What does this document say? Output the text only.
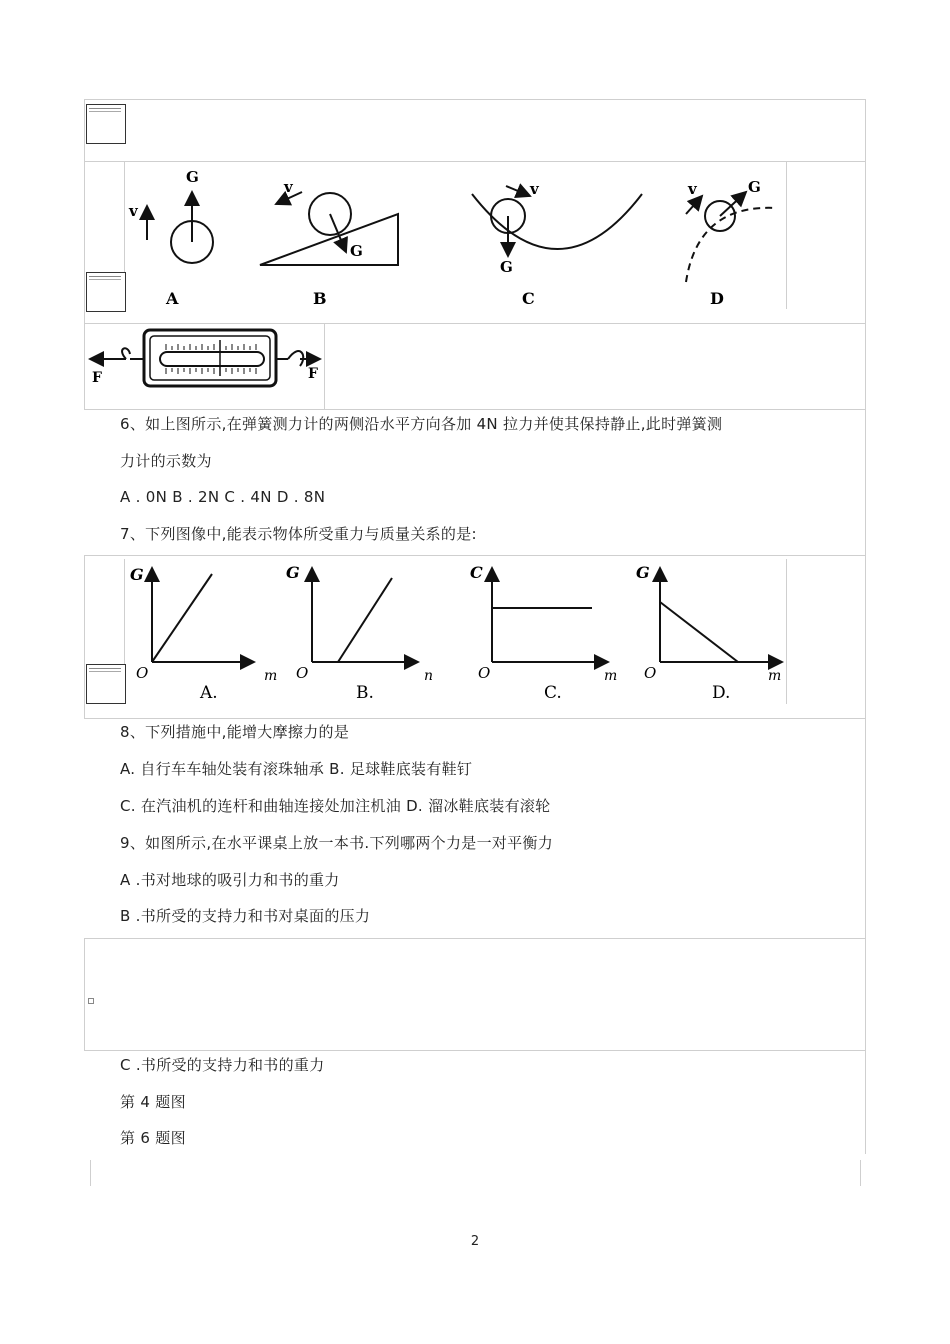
v
G
A
v
G
B
v
G
C
v	G
D
F	F
6、如上图所示,在弹簧测力计的两侧沿水平方向各加 4N 拉力并使其保持静止,此时弹簧测
力计的示数为
A . 0N B . 2N C . 4N D . 8N
7、下列图像中,能表示物体所受重力与质量关系的是:
G
O	m
A.
G
O	n
B.
C
O	m
C.
G
O	m
D.
8、下列措施中,能增大摩擦力的是
A. 自行车车轴处装有滚珠轴承 B. 足球鞋底装有鞋钉
C. 在汽油机的连杆和曲轴连接处加注机油 D. 溜冰鞋底装有滚轮
9、如图所示,在水平课桌上放一本书.下列哪两个力是一对平衡力
A .书对地球的吸引力和书的重力
B .书所受的支持力和书对桌面的压力
C .书所受的支持力和书的重力
第 4 题图
第 6 题图
2
